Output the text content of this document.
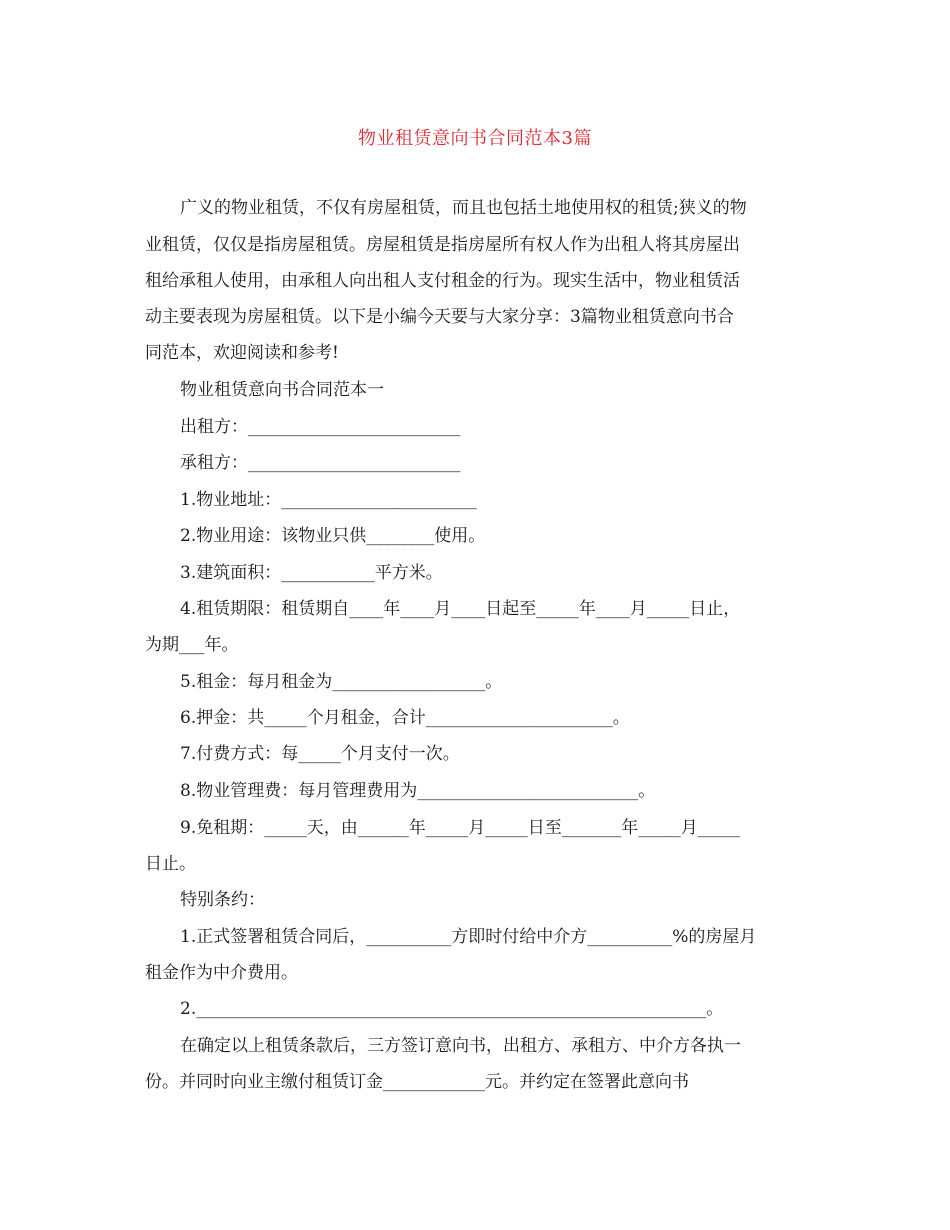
物业租赁意向书合同范本3篇
广义的物业租赁，不仅有房屋租赁，而且也包括土地使用权的租赁;狭义的物
业租赁，仅仅是指房屋租赁。房屋租赁是指房屋所有权人作为出租人将其房屋出
租给承租人使用，由承租人向出租人支付租金的行为。现实生活中，物业租赁活
动主要表现为房屋租赁。以下是小编今天要与大家分享：3篇物业租赁意向书合
同范本，欢迎阅读和参考!
物业租赁意向书合同范本一
出租方：_________________________
承租方：_________________________
1.物业地址：_______________________
2.物业用途：该物业只供________使用。
3.建筑面积：___________平方米。
4.租赁期限：租赁期自____年____月____日起至_____年____月_____日止，
为期___年。
5.租金：每月租金为__________________。
6.押金：共_____个月租金，合计______________________。
7.付费方式：每_____个月支付一次。
8.物业管理费：每月管理费用为__________________________。
9.免租期：_____天，由______年_____月_____日至_______年_____月_____
日止。
特别条约：
1.正式签署租赁合同后，__________方即时付给中介方__________%的房屋月
租金作为中介费用。
2.____________________________________________________________。
在确定以上租赁条款后，三方签订意向书，出租方、承租方、中介方各执一
份。并同时向业主缴付租赁订金____________元。并约定在签署此意向书
